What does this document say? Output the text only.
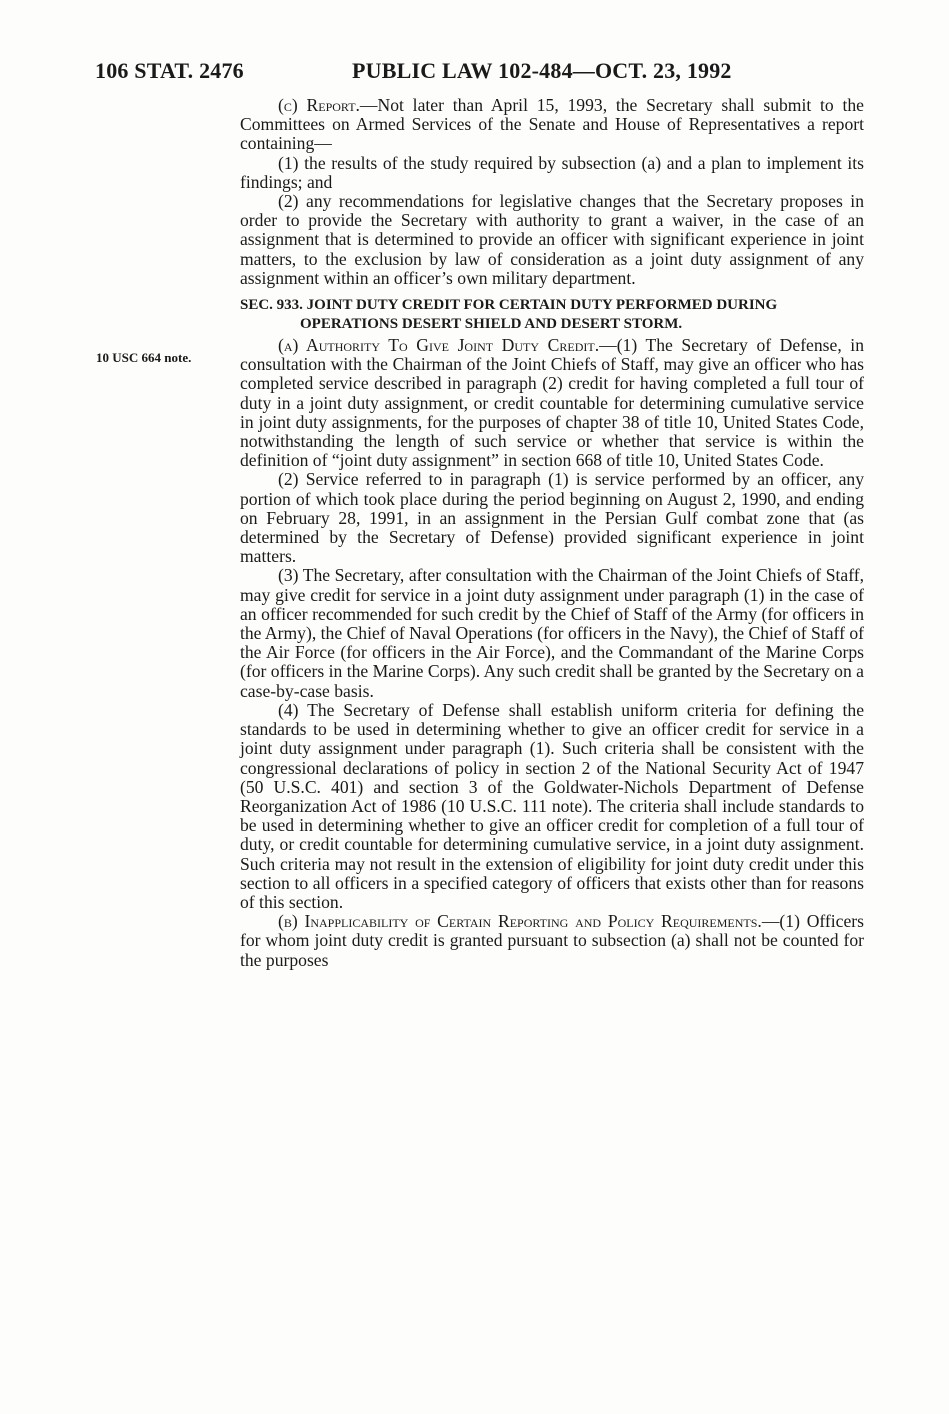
106 STAT. 2476	PUBLIC LAW 102-484—OCT. 23, 1992
10 USC 664 note.

(c) Report.—Not later than April 15, 1993, the Secretary shall submit to the Committees on Armed Services of the Senate and House of Representatives a report containing—

(1) the results of the study required by subsection (a) and a plan to implement its findings; and

(2) any recommendations for legislative changes that the Secretary proposes in order to provide the Secretary with authority to grant a waiver, in the case of an assignment that is determined to provide an officer with significant experience in joint matters, to the exclusion by law of consideration as a joint duty assignment of any assignment within an officer’s own military department.

SEC. 933. JOINT DUTY CREDIT FOR CERTAIN DUTY PERFORMED DURING OPERATIONS DESERT SHIELD AND DESERT STORM.

(a) Authority To Give Joint Duty Credit.—(1) The Secretary of Defense, in consultation with the Chairman of the Joint Chiefs of Staff, may give an officer who has completed service described in paragraph (2) credit for having completed a full tour of duty in a joint duty assignment, or credit countable for determining cumulative service in joint duty assignments, for the purposes of chapter 38 of title 10, United States Code, notwithstanding the length of such service or whether that service is within the definition of “joint duty assignment” in section 668 of title 10, United States Code.

(2) Service referred to in paragraph (1) is service performed by an officer, any portion of which took place during the period beginning on August 2, 1990, and ending on February 28, 1991, in an assignment in the Persian Gulf combat zone that (as determined by the Secretary of Defense) provided significant experience in joint matters.

(3) The Secretary, after consultation with the Chairman of the Joint Chiefs of Staff, may give credit for service in a joint duty assignment under paragraph (1) in the case of an officer recommended for such credit by the Chief of Staff of the Army (for officers in the Army), the Chief of Naval Operations (for officers in the Navy), the Chief of Staff of the Air Force (for officers in the Air Force), and the Commandant of the Marine Corps (for officers in the Marine Corps). Any such credit shall be granted by the Secretary on a case-by-case basis.

(4) The Secretary of Defense shall establish uniform criteria for defining the standards to be used in determining whether to give an officer credit for service in a joint duty assignment under paragraph (1). Such criteria shall be consistent with the congressional declarations of policy in section 2 of the National Security Act of 1947 (50 U.S.C. 401) and section 3 of the Goldwater-Nichols Department of Defense Reorganization Act of 1986 (10 U.S.C. 111 note). The criteria shall include standards to be used in determining whether to give an officer credit for completion of a full tour of duty, or credit countable for determining cumulative service, in a joint duty assignment. Such criteria may not result in the extension of eligibility for joint duty credit under this section to all officers in a specified category of officers that exists other than for reasons of this section.

(b) Inapplicability of Certain Reporting and Policy Requirements.—(1) Officers for whom joint duty credit is granted pursuant to subsection (a) shall not be counted for the purposes
